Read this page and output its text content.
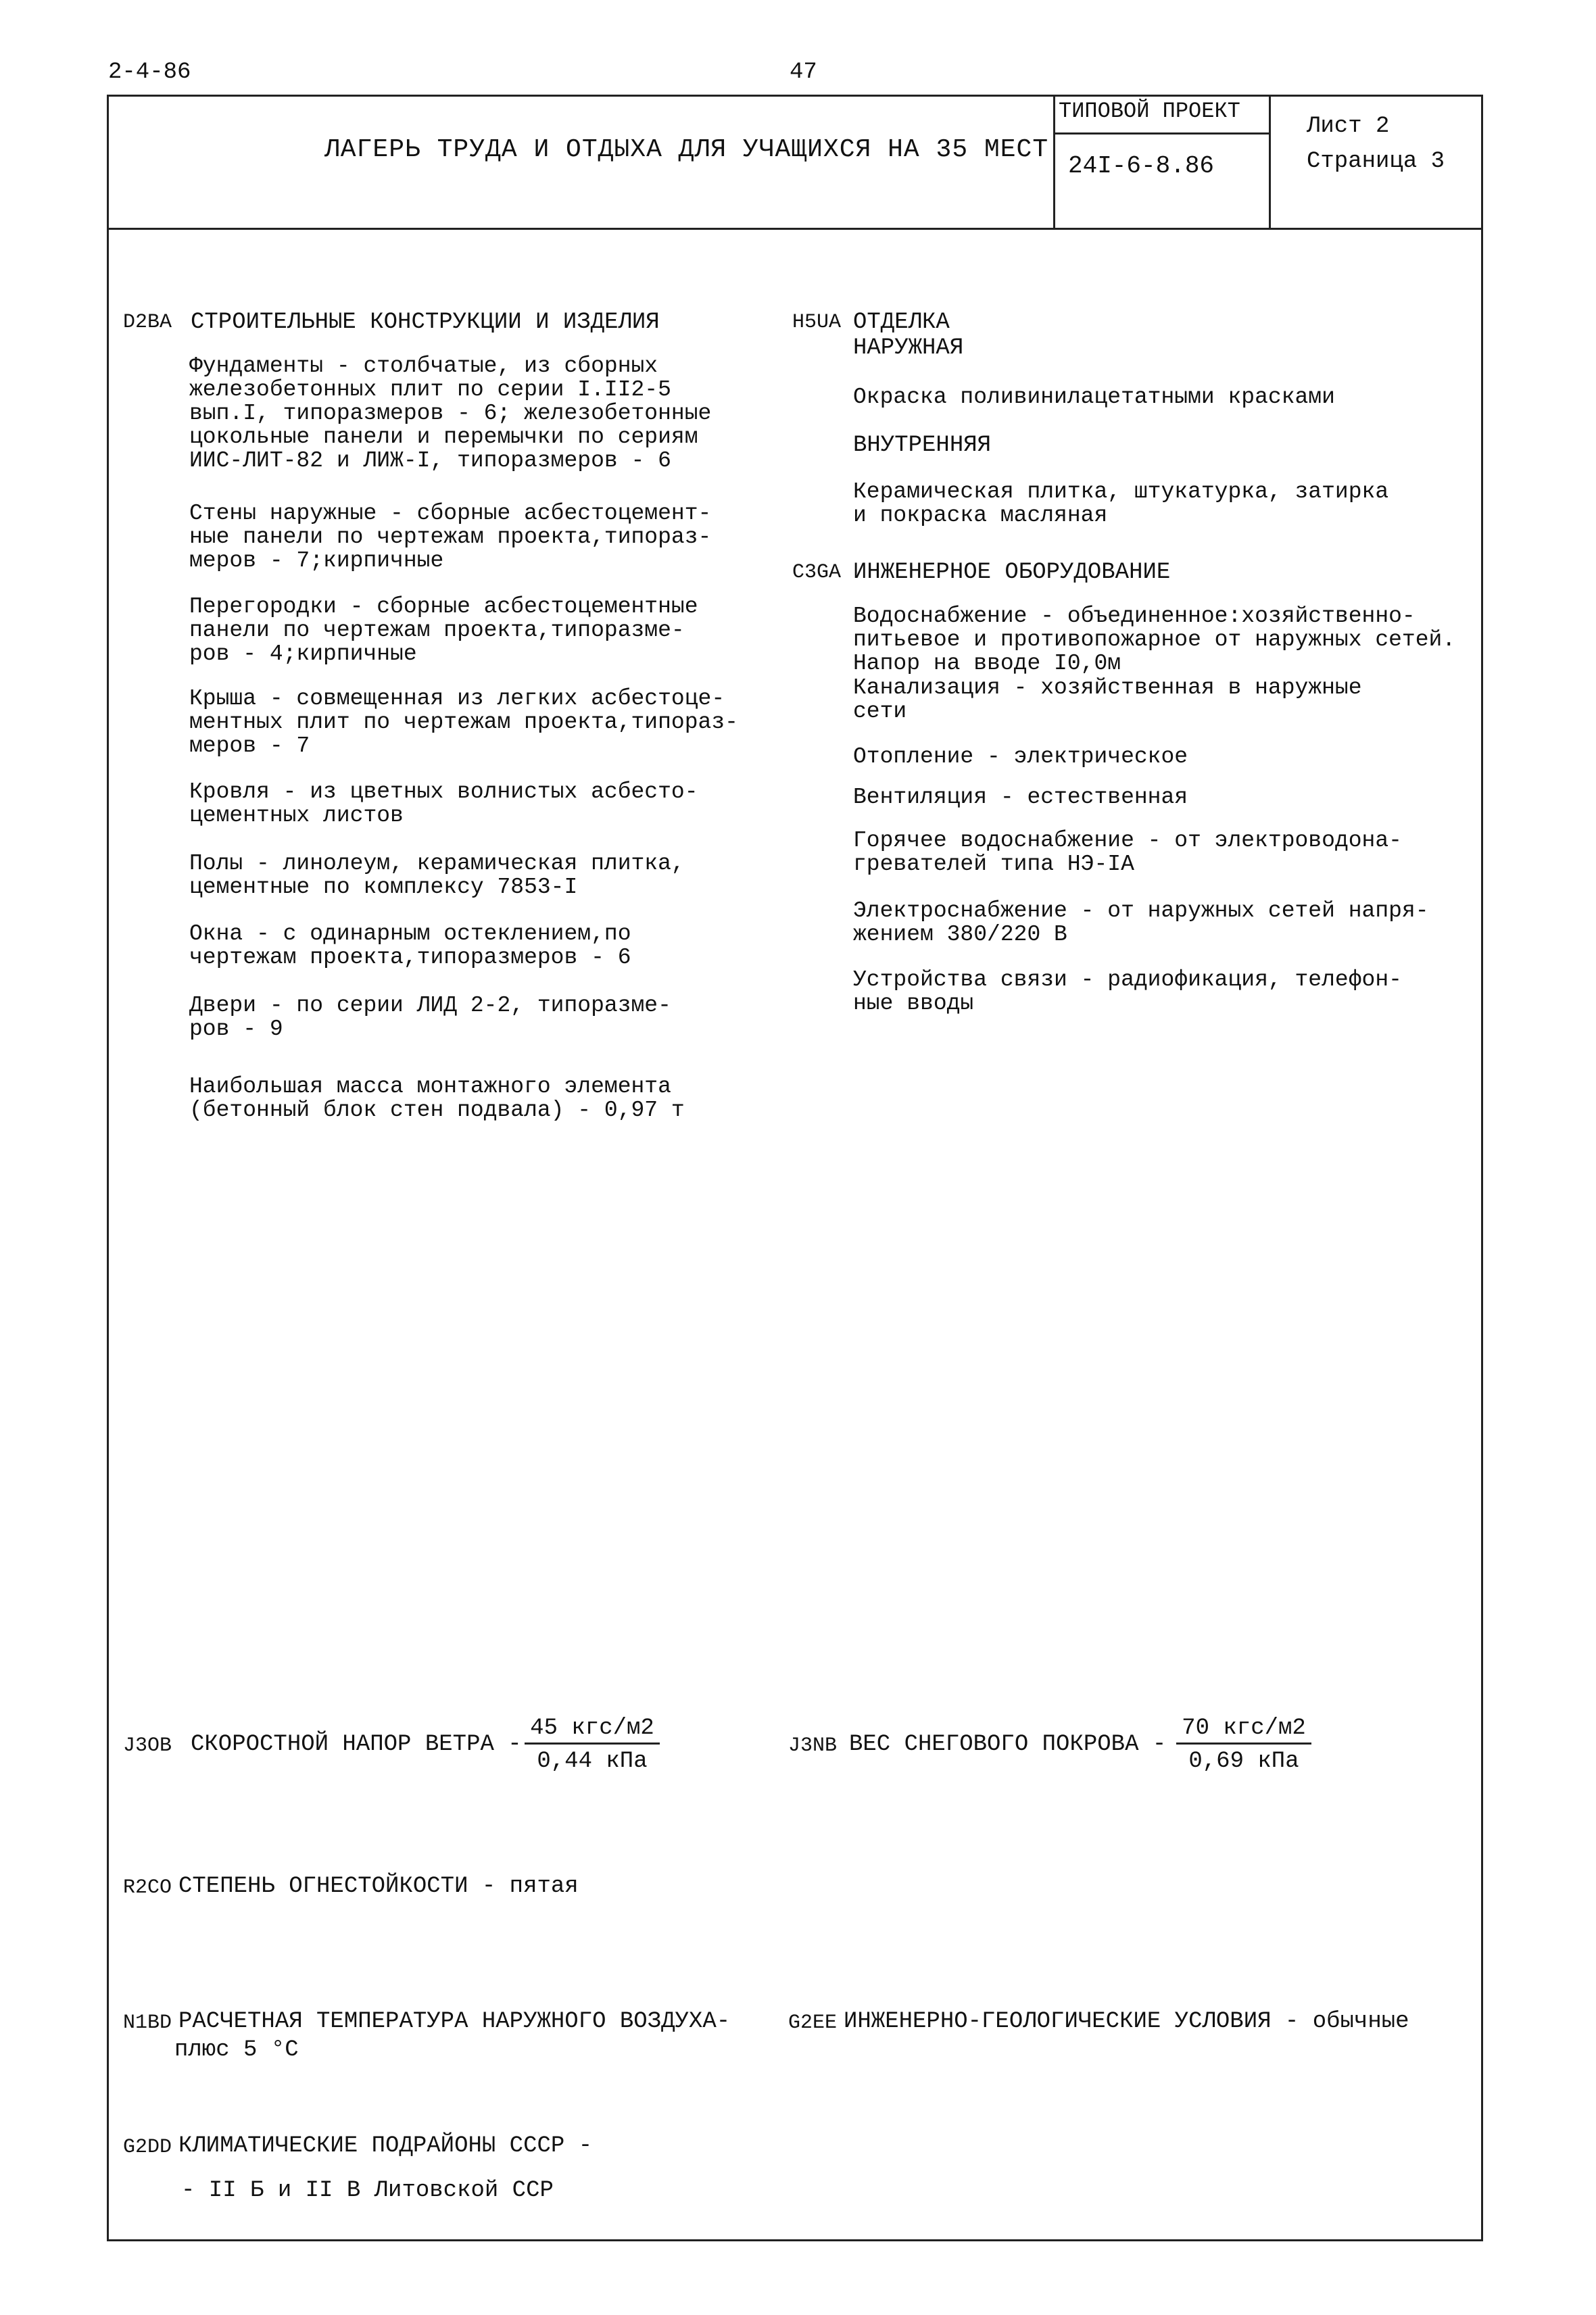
2-4-86	47
ЛАГЕРЬ ТРУДА И ОТДЫХА ДЛЯ УЧАЩИХСЯ НА 35 МЕСТ
ТИПОВОЙ ПРОЕКТ
24I-6-8.86
Лист 2
Страница 3
D2BA СТРОИТЕЛЬНЫЕ КОНСТРУКЦИИ И ИЗДЕЛИЯ
Фундаменты - столбчатые, из сборных
железобетонных плит по серии I.II2-5
вып.I, типоразмеров - 6; железобетонные
цокольные панели и перемычки по сериям
ИИС-ЛИТ-82 и ЛИЖ-I, типоразмеров - 6
Стены наружные - сборные асбестоцемент-
ные панели по чертежам проекта,типораз-
меров - 7;кирпичные
Перегородки - сборные асбестоцементные
панели по чертежам проекта,типоразме-
ров - 4;кирпичные
Крыша - совмещенная из легких асбестоце-
ментных плит по чертежам проекта,типораз-
меров - 7
Кровля - из цветных волнистых асбесто-
цементных листов
Полы - линолеум, керамическая плитка,
цементные по комплексу 7853-I
Окна - с одинарным остеклением,по
чертежам проекта,типоразмеров - 6
Двери - по серии ЛИД 2-2, типоразме-
ров - 9
Наибольшая масса монтажного элемента
(бетонный блок стен подвала) - 0,97 т
H5UA ОТДЕЛКА
НАРУЖНАЯ
Окраска поливинилацетатными красками
ВНУТРЕННЯЯ
Керамическая плитка, штукатурка, затирка
и покраска масляная
C3GA ИНЖЕНЕРНОЕ ОБОРУДОВАНИЕ
Водоснабжение - объединенное:хозяйственно-
питьевое и противопожарное от наружных сетей.
Напор на вводе I0,0м
Канализация - хозяйственная в наружные
сети
Отопление - электрическое
Вентиляция - естественная
Горячее водоснабжение - от электроводона-
гревателей типа НЭ-IА
Электроснабжение - от наружных сетей напря-
жением 380/220 В
Устройства связи - радиофикация, телефон-
ные вводы
J3OB СКОРОСТНОЙ НАПОР ВЕТРА -
45 кгс/м2
0,44 кПа
J3NB ВЕС СНЕГОВОГО ПОКРОВА -
70 кгс/м2
0,69 кПа
R2CO СТЕПЕНЬ ОГНЕСТОЙКОСТИ - пятая
N1BD РАСЧЕТНАЯ ТЕМПЕРАТУРА НАРУЖНОГО ВОЗДУХА-
плюс 5 °С
G2EE ИНЖЕНЕРНО-ГЕОЛОГИЧЕСКИЕ УСЛОВИЯ - обычные
G2DD КЛИМАТИЧЕСКИЕ ПОДРАЙОНЫ СССР -
- II Б и II В Литовской ССР
